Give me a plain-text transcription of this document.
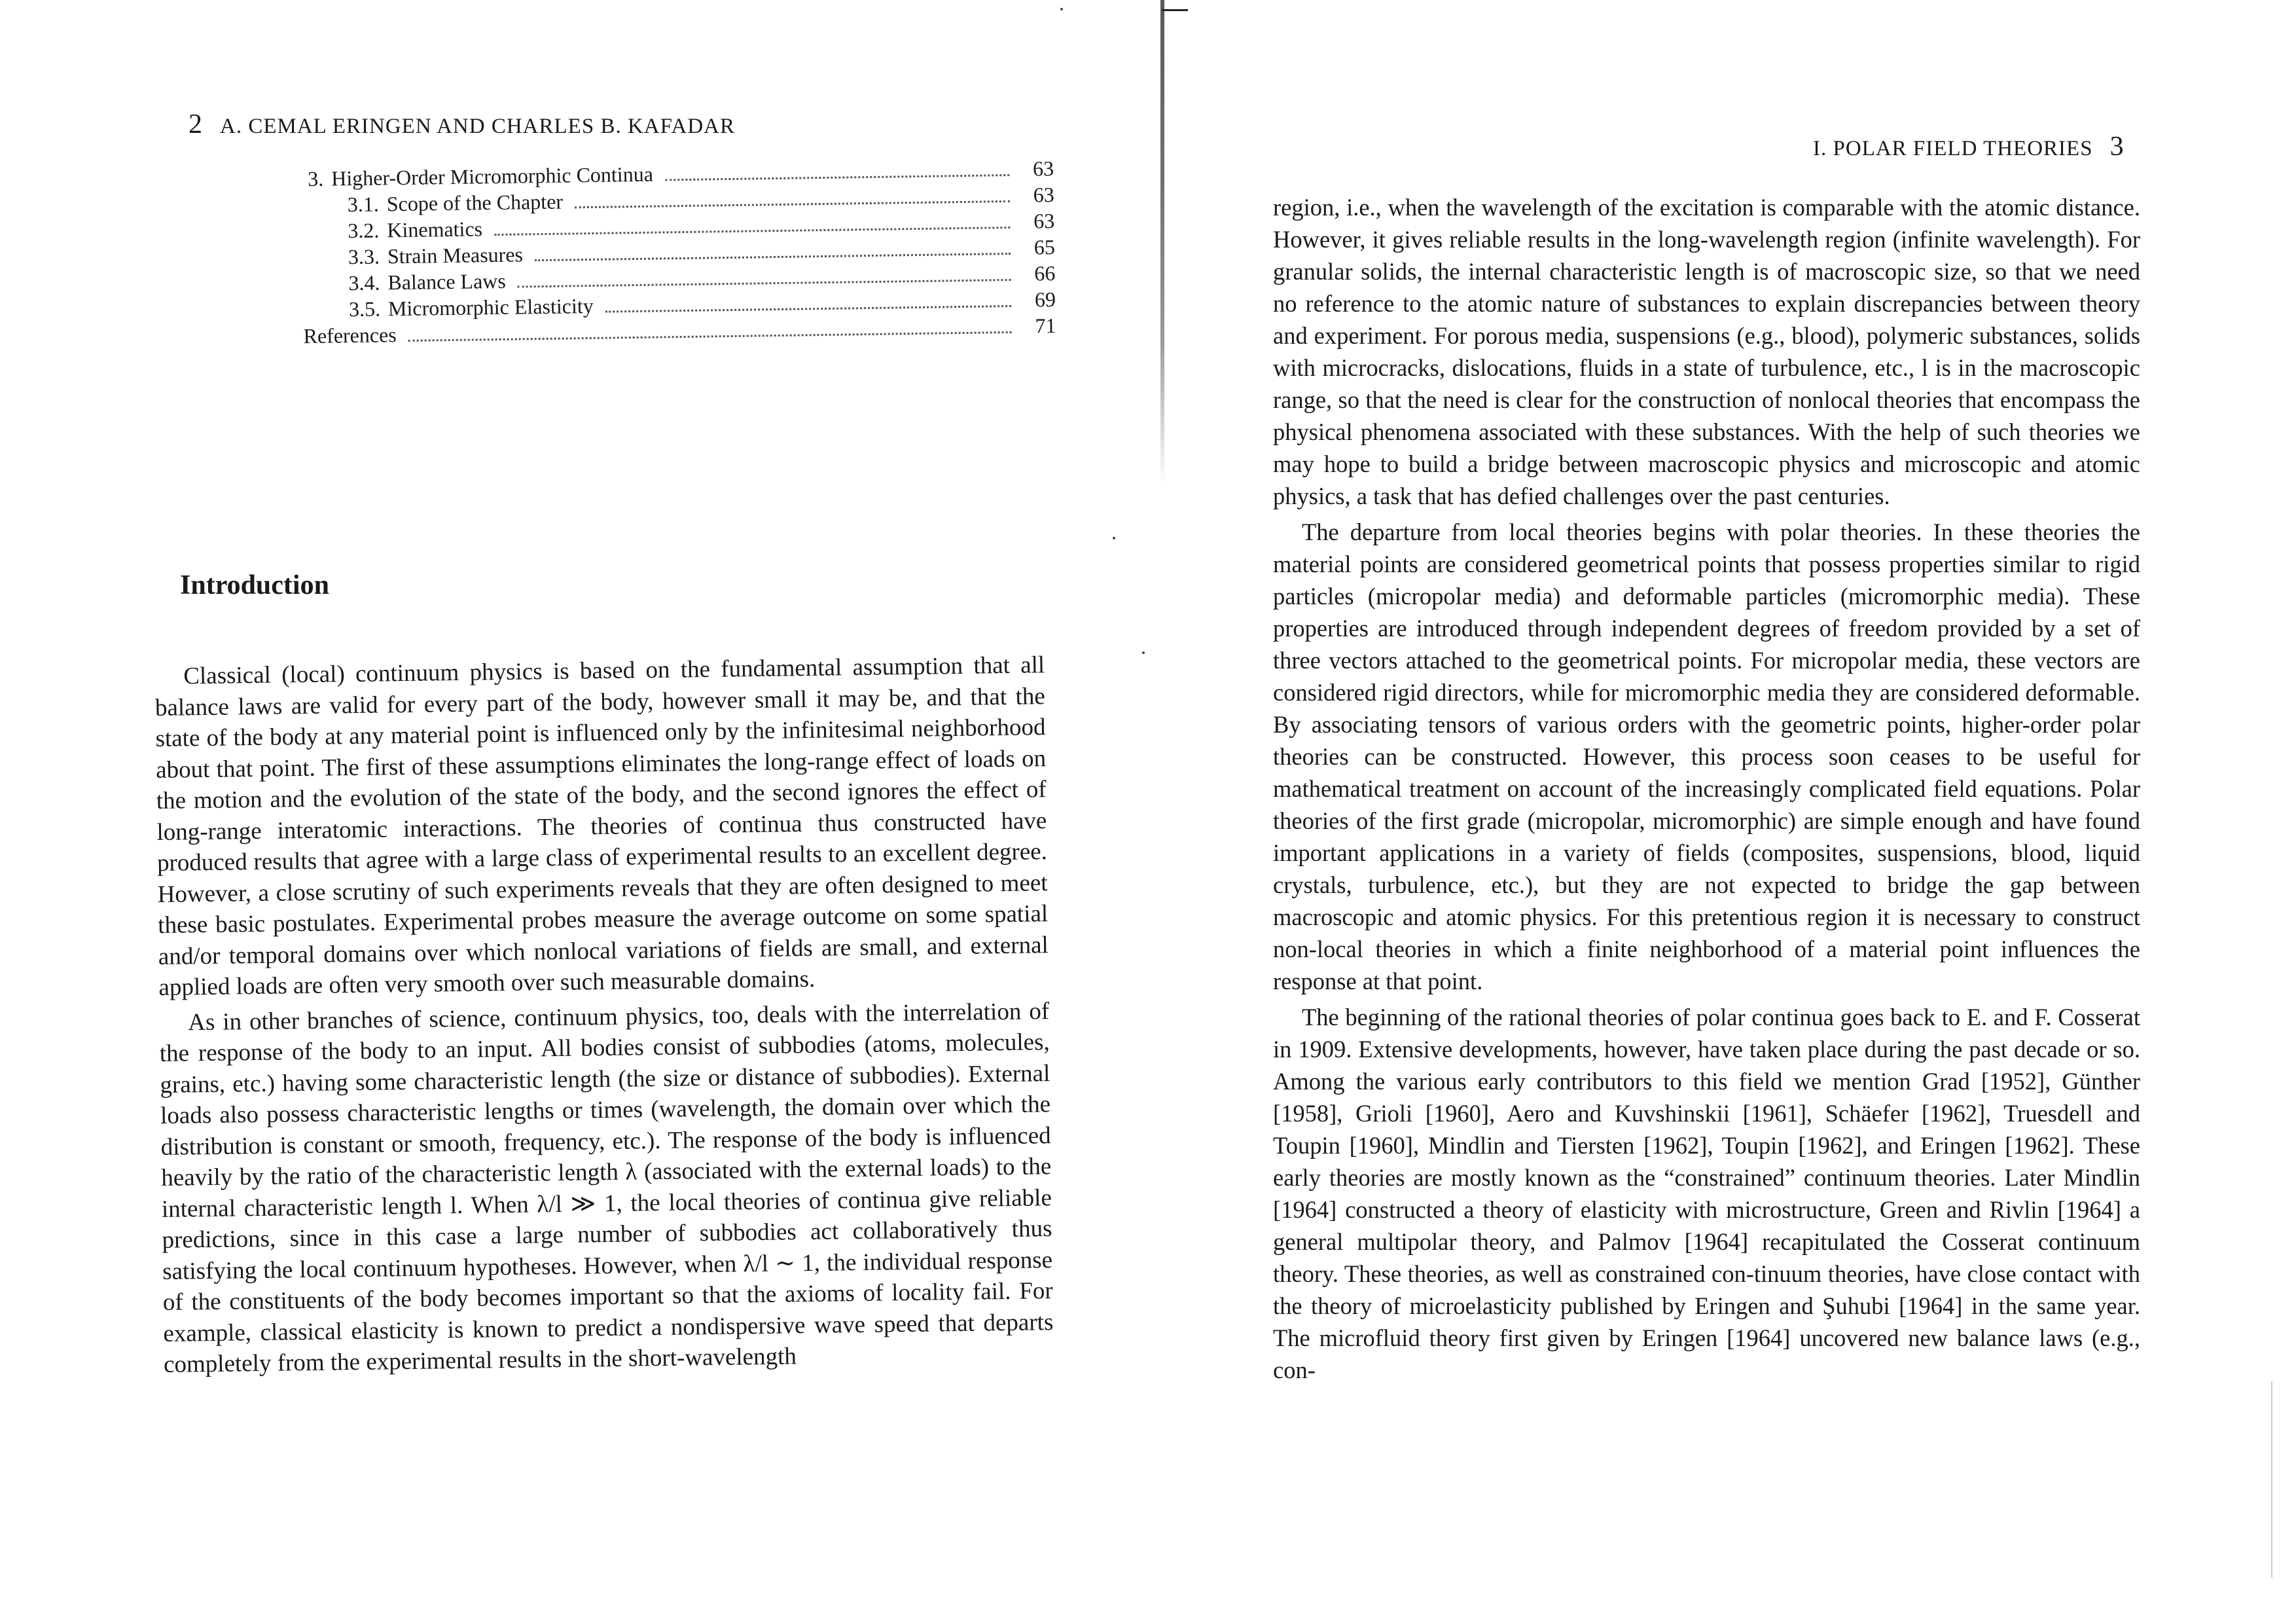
2 A. CEMAL ERINGEN AND CHARLES B. KAFADAR
3. Higher-Order Micromorphic Continua	63
3.1. Scope of the Chapter	63
3.2. Kinematics	63
3.3. Strain Measures	65
3.4. Balance Laws	66
3.5. Micromorphic Elasticity	69
References	71
Introduction

Classical (local) continuum physics is based on the fundamental assumption that all balance laws are valid for every part of the body, however small it may be, and that the state of the body at any material point is influenced only by the infinitesimal neighborhood about that point. The first of these assumptions eliminates the long-range effect of loads on the motion and the evolution of the state of the body, and the second ignores the effect of long-range interatomic interactions. The theories of continua thus constructed have produced results that agree with a large class of experimental results to an excellent degree. However, a close scrutiny of such experiments reveals that they are often designed to meet these basic postulates. Experimental probes measure the average outcome on some spatial and/or temporal domains over which nonlocal variations of fields are small, and external applied loads are often very smooth over such measurable domains.

As in other branches of science, continuum physics, too, deals with the interrelation of the response of the body to an input. All bodies consist of subbodies (atoms, molecules, grains, etc.) having some characteristic length (the size or distance of subbodies). External loads also possess characteristic lengths or times (wavelength, the domain over which the distribution is constant or smooth, frequency, etc.). The response of the body is influenced heavily by the ratio of the characteristic length λ (associated with the external loads) to the internal characteristic length l. When λ/l ≫ 1, the local theories of continua give reliable predictions, since in this case a large number of subbodies act collaboratively thus satisfying the local continuum hypotheses. However, when λ/l ∼ 1, the individual response of the constituents of the body becomes important so that the axioms of locality fail. For example, classical elasticity is known to predict a nondispersive wave speed that departs completely from the experimental results in the short-wavelength

I. POLAR FIELD THEORIES 3

region, i.e., when the wavelength of the excitation is comparable with the atomic distance. However, it gives reliable results in the long-wavelength region (infinite wavelength). For granular solids, the internal characteristic length is of macroscopic size, so that we need no reference to the atomic nature of substances to explain discrepancies between theory and experiment. For porous media, suspensions (e.g., blood), polymeric substances, solids with microcracks, dislocations, fluids in a state of turbulence, etc., l is in the macroscopic range, so that the need is clear for the construction of nonlocal theories that encompass the physical phenomena associated with these substances. With the help of such theories we may hope to build a bridge between macroscopic physics and microscopic and atomic physics, a task that has defied challenges over the past centuries.

The departure from local theories begins with polar theories. In these theories the material points are considered geometrical points that possess properties similar to rigid particles (micropolar media) and deformable particles (micromorphic media). These properties are introduced through independent degrees of freedom provided by a set of three vectors attached to the geometrical points. For micropolar media, these vectors are considered rigid directors, while for micromorphic media they are considered deformable. By associating tensors of various orders with the geometric points, higher-order polar theories can be constructed. However, this process soon ceases to be useful for mathematical treatment on account of the increasingly complicated field equations. Polar theories of the first grade (micropolar, micromorphic) are simple enough and have found important applications in a variety of fields (composites, suspensions, blood, liquid crystals, turbulence, etc.), but they are not expected to bridge the gap between macroscopic and atomic physics. For this pretentious region it is necessary to construct non-local theories in which a finite neighborhood of a material point influences the response at that point.

The beginning of the rational theories of polar continua goes back to E. and F. Cosserat in 1909. Extensive developments, however, have taken place during the past decade or so. Among the various early contributors to this field we mention Grad [1952], Günther [1958], Grioli [1960], Aero and Kuvshinskii [1961], Schäefer [1962], Truesdell and Toupin [1960], Mindlin and Tiersten [1962], Toupin [1962], and Eringen [1962]. These early theories are mostly known as the “constrained” continuum theories. Later Mindlin [1964] constructed a theory of elasticity with microstructure, Green and Rivlin [1964] a general multipolar theory, and Palmov [1964] recapitulated the Cosserat continuum theory. These theories, as well as constrained con-tinuum theories, have close contact with the theory of microelasticity published by Eringen and Şuhubi [1964] in the same year. The microfluid theory first given by Eringen [1964] uncovered new balance laws (e.g., con-
